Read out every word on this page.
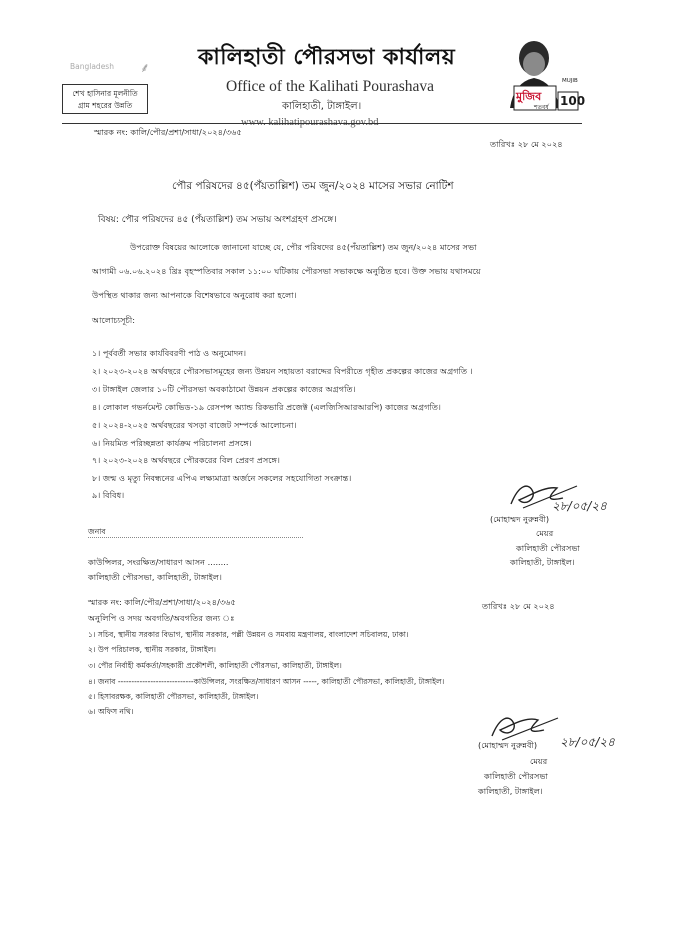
Bangladesh ⸙
শেখ হাসিনার মূলনীতি
গ্রাম শহরের উন্নতি
কালিহাতী পৌরসভা কার্যালয়
Office of the Kalihati Pourashava
কালিহাতী, টাঙ্গাইল।
www. kalihatipourashava.gov.bd
মুজিব
MUJIB
100
শতবর্ষ
স্মারক নং: কালি/পৌর/প্রশা/সাধা/২০২৪/৩৬৫
তারিখঃ ২৮ মে ২০২৪
পৌর পরিষদের ৪৫(পঁয়তাল্লিশ) তম জুন/২০২৪ মাসের সভার নোটিশ
বিষয়: পৌর পরিষদের ৪৫ (পঁয়তাল্লিশ) তম সভায় অংশগ্রহণ প্রসঙ্গে।
উপরোক্ত বিষয়ের আলোকে জানানো যাচ্ছে যে, পৌর পরিষদের ৪৫(পঁয়তাল্লিশ) তম জুন/২০২৪ মাসের সভা
আগামী ০৬.০৬.২০২৪ খ্রিঃ বৃহস্পতিবার সকাল ১১:০০ ঘটিকায় পৌরসভা সভাকক্ষে অনুষ্ঠিত হবে। উক্ত সভায় যথাসময়ে
উপস্থিত থাকার জন্য আপনাকে বিশেষভাবে অনুরোধ করা হলো।
আলোচ্যসূচী:
১। পূর্ববর্তী সভার কার্যবিবরণী পাঠ ও অনুমোদন।
২। ২০২৩-২০২৪ অর্থবছরে পৌরসভাসমূহের জন্য উন্নয়ন সহায়তা বরাদ্দের বিপরীতে গৃহীত প্রকল্পের কাজের অগ্রগতি ।
৩। টাঙ্গাইল জেলার ১০টি পৌরসভা অবকাঠামো উন্নয়ন প্রকল্পের কাজের অগ্রগতি।
৪। লোকাল গভর্নমেন্ট কোভিড-১৯ রেসপন্স অ্যান্ড রিকভারি প্রজেক্ট (এলজিসিআরআরপি) কাজের অগ্রগতি।
৫। ২০২৪-২০২৫ অর্থবছরের খসড়া বাজেট সম্পর্কে আলোচনা।
৬। নিয়মিত পরিচ্ছন্নতা কার্যক্রম পরিচালনা প্রসঙ্গে।
৭। ২০২৩-২০২৪ অর্থবছরে পৌরকরের বিল প্রেরণ প্রসঙ্গে।
৮। জন্ম ও মৃত্যু নিবন্ধনের এপিএ লক্ষ্যমাত্রা অর্জনে সকলের সহযোগিতা সংক্রান্ত।
৯। বিবিধ।
২৮/০৫/২৪
(মোহাম্মদ নুরুন্নবী)
মেয়র
কালিহাতী পৌরসভা
কালিহাতী, টাঙ্গাইল।
জনাব
কাউন্সিলর, সংরক্ষিত/সাধারণ আসন ........
কালিহাতী পৌরসভা, কালিহাতী, টাঙ্গাইল।
স্মারক নং: কালি/পৌর/প্রশা/সাধা/২০২৪/৩৬৫	তারিখঃ ২৮ মে ২০২৪
অনুলিপি ও সদয় অবগতি/অবগতির জন্য ঃ
১। সচিব, স্থানীয় সরকার বিভাগ, স্থানীয় সরকার, পল্লী উন্নয়ন ও সমবায় মন্ত্রণালয়, বাংলাদেশ সচিবালয়, ঢাকা।
২। উপ পরিচালক, স্থানীয় সরকার, টাঙ্গাইল।
৩। পৌর নির্বাহী কর্মকর্তা/সহকারী প্রকৌশলী, কালিহাতী পৌরসভা, কালিহাতী, টাঙ্গাইল।
৪। জনাব ----------------------------কাউন্সিলর, সংরক্ষিত/সাধারণ আসন -----, কালিহাতী পৌরসভা, কালিহাতী, টাঙ্গাইল।
৫। হিসাবরক্ষক, কালিহাতী পৌরসভা, কালিহাতী, টাঙ্গাইল।
৬। অফিস নথি।
২৮/০৫/২৪
(মোহাম্মদ নুরুন্নবী)
মেয়র
কালিহাতী পৌরসভা
কালিহাতী, টাঙ্গাইল।
